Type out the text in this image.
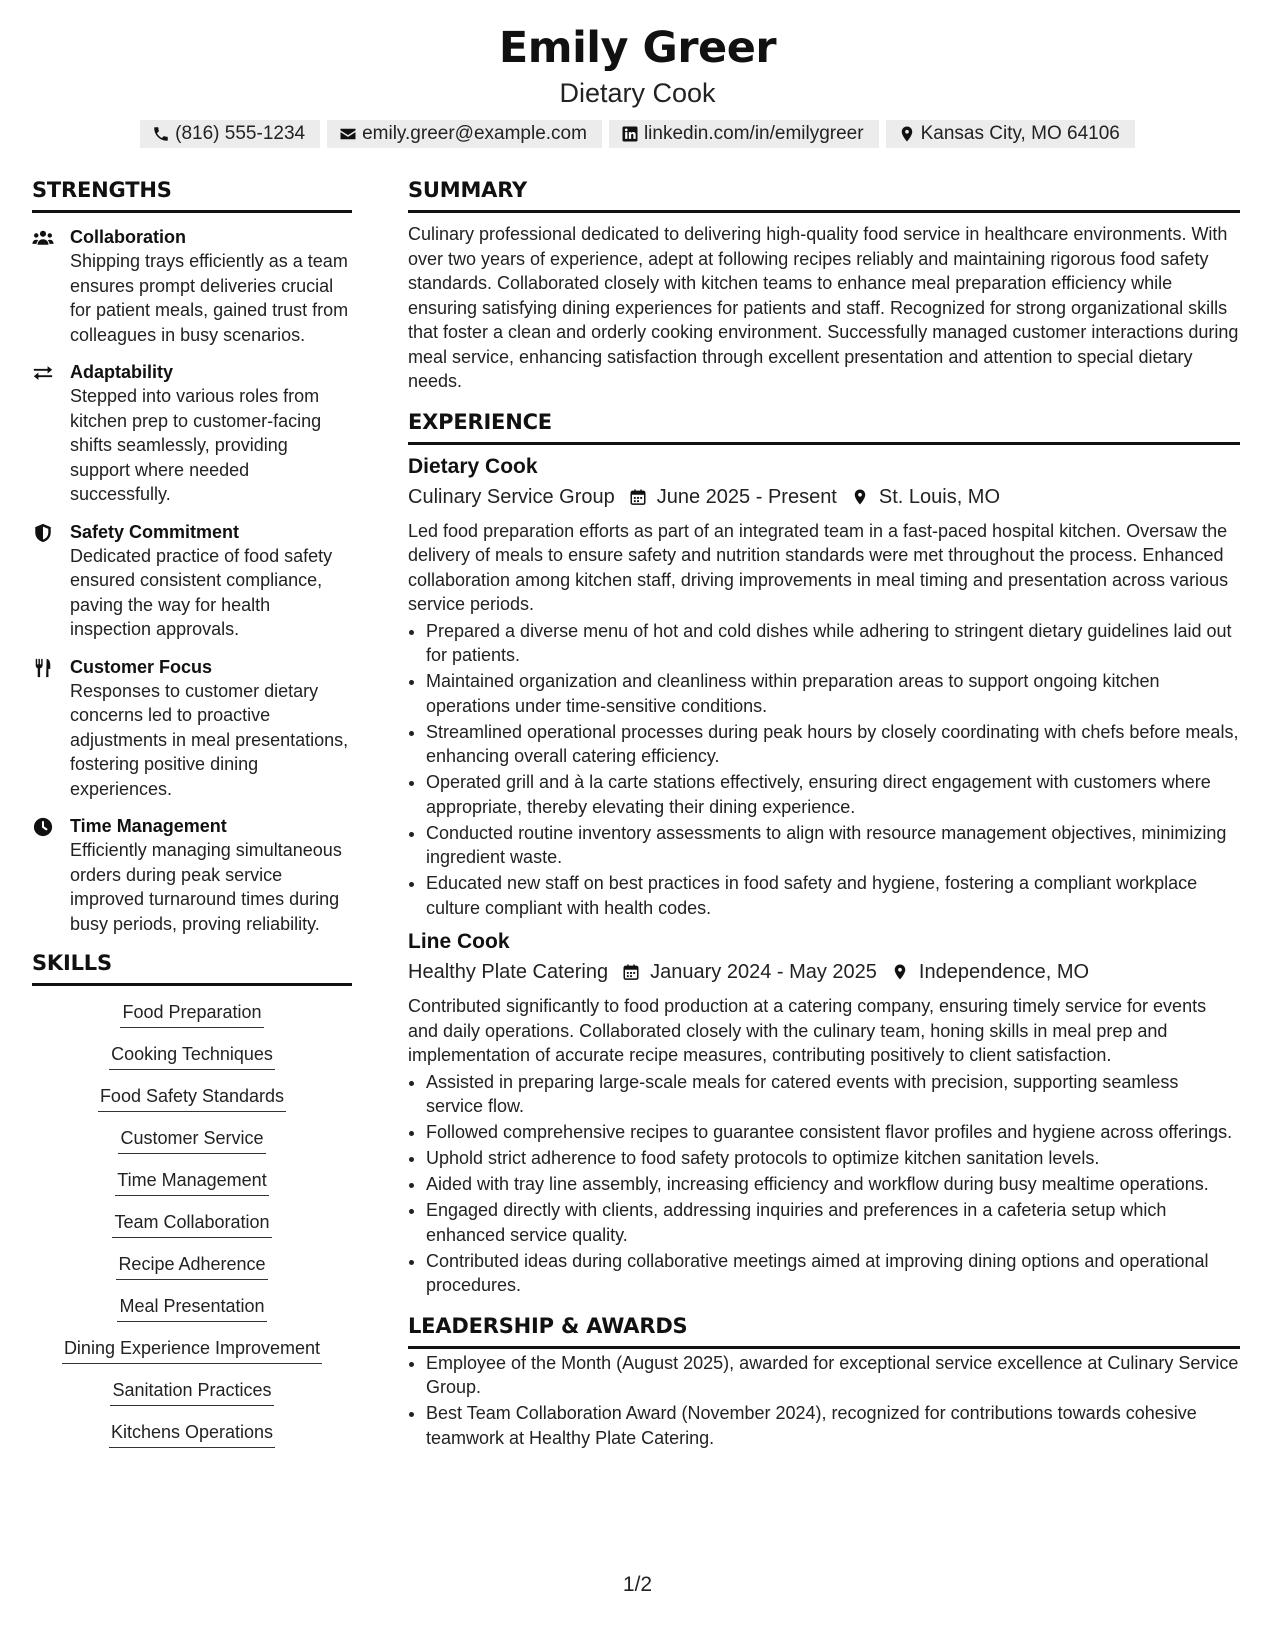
Emily Greer
Dietary Cook
(816) 555-1234	emily.greer@example.com	linkedin.com/in/emilygreer	Kansas City, MO 64106
STRENGTHS
Collaboration
Shipping trays efficiently as a team ensures prompt deliveries crucial for patient meals, gained trust from colleagues in busy scenarios.
Adaptability
Stepped into various roles from kitchen prep to customer-facing shifts seamlessly, providing support where needed successfully.
Safety Commitment
Dedicated practice of food safety ensured consistent compliance, paving the way for health inspection approvals.
Customer Focus
Responses to customer dietary concerns led to proactive adjustments in meal presentations, fostering positive dining experiences.
Time Management
Efficiently managing simultaneous orders during peak service improved turnaround times during busy periods, proving reliability.
SKILLS
Food Preparation
Cooking Techniques
Food Safety Standards
Customer Service
Time Management
Team Collaboration
Recipe Adherence
Meal Presentation
Dining Experience Improvement
Sanitation Practices
Kitchens Operations
SUMMARY
Culinary professional dedicated to delivering high-quality food service in healthcare environments. With over two years of experience, adept at following recipes reliably and maintaining rigorous food safety standards. Collaborated closely with kitchen teams to enhance meal preparation efficiency while ensuring satisfying dining experiences for patients and staff. Recognized for strong organizational skills that foster a clean and orderly cooking environment. Successfully managed customer interactions during meal service, enhancing satisfaction through excellent presentation and attention to special dietary needs.
EXPERIENCE
Dietary Cook
Culinary Service Group June 2025 - Present St. Louis, MO
Led food preparation efforts as part of an integrated team in a fast-paced hospital kitchen. Oversaw the delivery of meals to ensure safety and nutrition standards were met throughout the process. Enhanced collaboration among kitchen staff, driving improvements in meal timing and presentation across various service periods.
• Prepared a diverse menu of hot and cold dishes while adhering to stringent dietary guidelines laid out for patients.
• Maintained organization and cleanliness within preparation areas to support ongoing kitchen operations under time-sensitive conditions.
• Streamlined operational processes during peak hours by closely coordinating with chefs before meals, enhancing overall catering efficiency.
• Operated grill and à la carte stations effectively, ensuring direct engagement with customers where appropriate, thereby elevating their dining experience.
• Conducted routine inventory assessments to align with resource management objectives, minimizing ingredient waste.
• Educated new staff on best practices in food safety and hygiene, fostering a compliant workplace culture compliant with health codes.
Line Cook
Healthy Plate Catering January 2024 - May 2025 Independence, MO
Contributed significantly to food production at a catering company, ensuring timely service for events and daily operations. Collaborated closely with the culinary team, honing skills in meal prep and implementation of accurate recipe measures, contributing positively to client satisfaction.
• Assisted in preparing large-scale meals for catered events with precision, supporting seamless service flow.
• Followed comprehensive recipes to guarantee consistent flavor profiles and hygiene across offerings.
• Uphold strict adherence to food safety protocols to optimize kitchen sanitation levels.
• Aided with tray line assembly, increasing efficiency and workflow during busy mealtime operations.
• Engaged directly with clients, addressing inquiries and preferences in a cafeteria setup which enhanced service quality.
• Contributed ideas during collaborative meetings aimed at improving dining options and operational procedures.
LEADERSHIP & AWARDS
• Employee of the Month (August 2025), awarded for exceptional service excellence at Culinary Service Group.
• Best Team Collaboration Award (November 2024), recognized for contributions towards cohesive teamwork at Healthy Plate Catering.
1/2
